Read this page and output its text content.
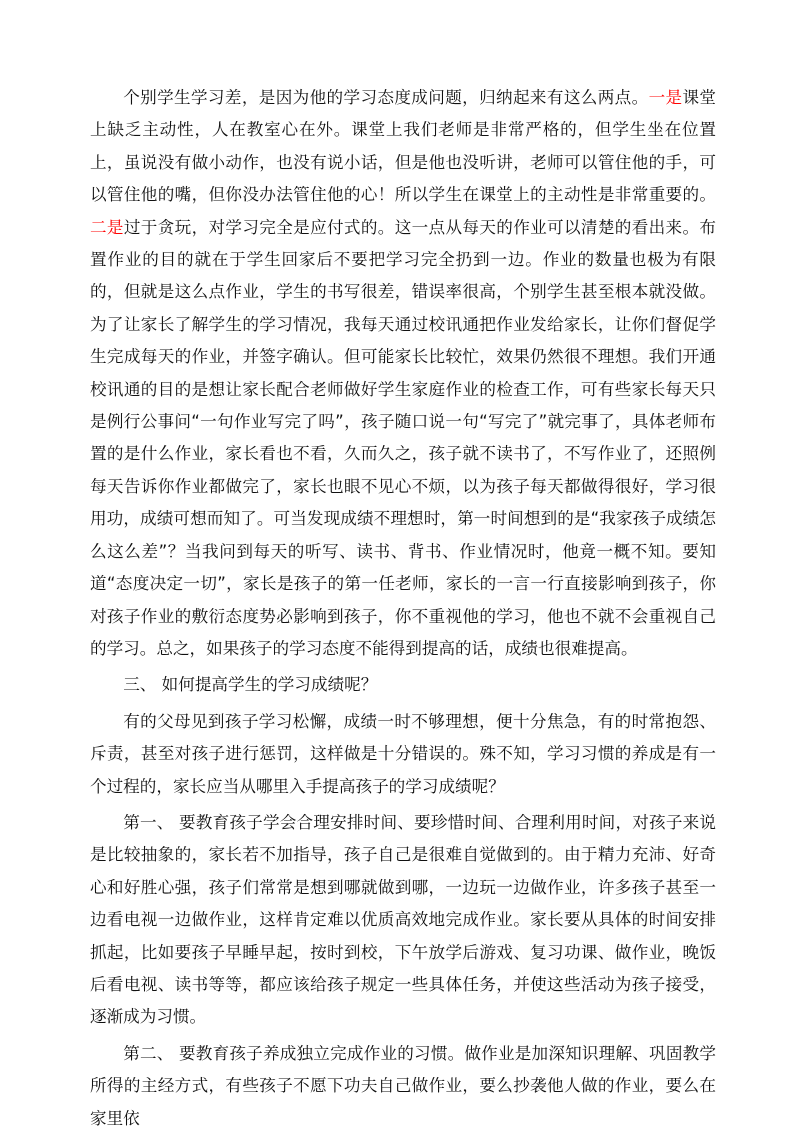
个别学生学习差，是因为他的学习态度成问题，归纳起来有这么两点。一是课堂上缺乏主动性，人在教室心在外。课堂上我们老师是非常严格的，但学生坐在位置上，虽说没有做小动作，也没有说小话，但是他也没听讲，老师可以管住他的手，可以管住他的嘴，但你没办法管住他的心！所以学生在课堂上的主动性是非常重要的。二是过于贪玩，对学习完全是应付式的。这一点从每天的作业可以清楚的看出来。布置作业的目的就在于学生回家后不要把学习完全扔到一边。作业的数量也极为有限的，但就是这么点作业，学生的书写很差，错误率很高，个别学生甚至根本就没做。为了让家长了解学生的学习情况，我每天通过校讯通把作业发给家长，让你们督促学生完成每天的作业，并签字确认。但可能家长比较忙，效果仍然很不理想。我们开通校讯通的目的是想让家长配合老师做好学生家庭作业的检查工作，可有些家长每天只是例行公事问“一句作业写完了吗”，孩子随口说一句“写完了”就完事了，具体老师布置的是什么作业，家长看也不看，久而久之，孩子就不读书了，不写作业了，还照例每天告诉你作业都做完了，家长也眼不见心不烦，以为孩子每天都做得很好，学习很用功，成绩可想而知了。可当发现成绩不理想时，第一时间想到的是“我家孩子成绩怎么这么差”？当我问到每天的听写、读书、背书、作业情况时，他竟一概不知。要知道“态度决定一切”，家长是孩子的第一任老师，家长的一言一行直接影响到孩子，你对孩子作业的敷衍态度势必影响到孩子，你不重视他的学习，他也不就不会重视自己的学习。总之，如果孩子的学习态度不能得到提高的话，成绩也很难提高。

三、 如何提高学生的学习成绩呢？

有的父母见到孩子学习松懈，成绩一时不够理想，便十分焦急，有的时常抱怨、斥责，甚至对孩子进行惩罚，这样做是十分错误的。殊不知，学习习惯的养成是有一个过程的，家长应当从哪里入手提高孩子的学习成绩呢？

第一、 要教育孩子学会合理安排时间、要珍惜时间、合理利用时间，对孩子来说是比较抽象的，家长若不加指导，孩子自己是很难自觉做到的。由于精力充沛、好奇心和好胜心强，孩子们常常是想到哪就做到哪，一边玩一边做作业，许多孩子甚至一边看电视一边做作业，这样肯定难以优质高效地完成作业。家长要从具体的时间安排抓起，比如要孩子早睡早起，按时到校，下午放学后游戏、复习功课、做作业，晚饭后看电视、读书等等，都应该给孩子规定一些具体任务，并使这些活动为孩子接受，逐渐成为习惯。

第二、 要教育孩子养成独立完成作业的习惯。做作业是加深知识理解、巩固教学所得的主经方式，有些孩子不愿下功夫自己做作业，要么抄袭他人做的作业，要么在家里依
